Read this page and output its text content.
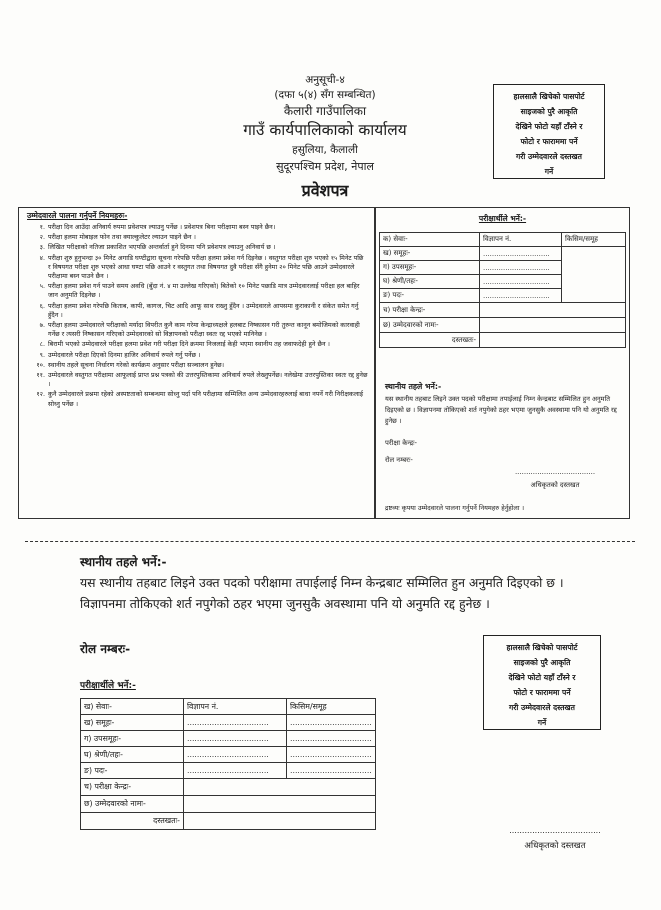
अनुसूची-४
(दफा ५(४) सँग सम्बन्धित)
कैलारी गाउँपालिका
गाउँ कार्यपालिकाको कार्यालय
हसुलिया, कैलाली
सुदूरपश्चिम प्रदेश, नेपाल
प्रवेशपत्र
हालसालै खिचेको पासपोर्ट
साइजको पुरै आकृति
देखिने फोटो यहाँ टाँस्ने र
फोटो र फाराममा पर्ने
गरी उम्मेदवारले दस्तखत
गर्ने
उम्मेदवारले पालना गर्नुपर्ने नियमहरुः-
१. परीक्षा दिन आउँदा अनिवार्य रुपमा प्रवेशपत्र ल्याउनु पर्नेछ । प्रवेशपत्र बिना परीक्षामा बस्न पाइने छैन।
२. परीक्षा हलमा मोबाइल फोन तथा क्याल्कुलेटर ल्याउन पाइने छैन ।
३. लिखित परीक्षाको नतिजा प्रकाशित भएपछि अन्तर्वार्ता हुने दिनमा पनि प्रवेशपत्र ल्याउनु अनिवार्य छ ।
४. परीक्षा शुरु हुनुभन्दा ३० मिनेट अगाडि घण्टीद्वारा सूचना गरेपछि परीक्षा हलमा प्रवेश गर्न दिइनेछ । वस्तुगत परीक्षा शुरु भएको १५ मिनेट पछि र विषयगत परीक्षा शुरु भएको आधा घण्टा पछि आउने र वस्तुगत तथा विषयगत दुवै परीक्षा सँगै हुनेमा २० मिनेट पछि आउने उम्मेदवारले परीक्षामा बस्न पाउने छैन ।
५. परीक्षा हलमा प्रवेश गर्न पाउने समय अवधि (बुँदा नं. ४ मा उल्लेख गरिएको) बितेको १० मिनेट पछाडि मात्र उम्मेदवारलाई परीक्षा हल बाहिर जान अनुमति दिइनेछ ।
६. परीक्षा हलमा प्रवेश गरेपछि किताब, कापी, कागज, चिट आदि आफू साथ राख्नु हुँदैन । उम्मेदवारले आपसमा कुराकानी र संकेत समेत गर्नु हुँदैन ।
७. परीक्षा हलमा उम्मेदवारले परीक्षाको मर्यादा विपरीत कुनै काम गरेमा केन्द्राध्यक्षले हलबाट निष्कासन गरी तुरुन्त कानून बमोजिमको कारवाही गर्नेछ र त्यसरी निष्कासन गरिएको उम्मेदवारको सो विज्ञापनको परीक्षा स्वतः रद्द भएको मानिनेछ ।
८. बिरामी भएको उम्मेदवारले परीक्षा हलमा प्रवेश गरी परीक्षा दिने क्रममा निजलाई केही भएमा स्थानीय तह जवाफदेही हुने छैन ।
९. उम्मेदवारले परीक्षा दिएको दिनमा हाजिर अनिवार्य रुपले गर्नु पर्नेछ ।
१०. स्थानीय तहले सूचना निर्धारण गरेको कार्यक्रम अनुसार परीक्षा सञ्चालन हुनेछ।
११. उम्मेदवारले वस्तुगत परीक्षामा आफूलाई प्राप्त प्रश्न पत्रको की उत्तरपुस्तिकामा अनिवार्य रुपले लेख्नुपर्नेछ। नलेखेमा उत्तरपुस्तिका स्वतः रद्द हुनेछ ।
१२. कुनै उम्मेदवारले प्रश्नमा रहेको अस्पष्टताको सम्बन्धमा सोध्नु पर्दा पनि परीक्षामा सम्मिलित अन्य उम्मेदवारहरुलाई बाधा नपर्ने गरी निरीक्षकलाई सोध्नु पर्नेछ ।
परीक्षार्थीले भर्ने:-
क) सेवाः-	विज्ञापन नं.	किसिम/समूह
ख) समूहः-	..............................	
ग) उपसमूहः-	..............................	
घ) श्रेणी/तहः-	..............................	
ङ) पदः-	..............................	
च) परीक्षा केन्द्रः-		
छ) उम्मेदवारको नामः-		
दस्तखतः-		
स्थानीय तहले भर्ने:-
यस स्थानीय तहबाट लिइने उक्त पदको परीक्षामा तपाईलाई निम्न केन्द्रबाट सम्मिलित हुन अनुमति दिइएको छ । विज्ञापनमा तोकिएको शर्त नपुगेको ठहर भएमा जुनसुकै अवस्थामा पनि यो अनुमति रद्द हुनेछ ।
परीक्षा केन्द्रः-
रोल नम्बरः-
....................................
अधिकृतको दस्तखत
द्रष्टव्यः कृपया उम्मेदवारले पालना गर्नुपर्ने नियमहरु हेर्नुहोला ।
स्थानीय तहले भर्ने:-
यस स्थानीय तहबाट लिइने उक्त पदको परीक्षामा तपाईलाई निम्न केन्द्रबाट सम्मिलित हुन अनुमति दिइएको छ । विज्ञापनमा तोकिएको शर्त नपुगेको ठहर भएमा जुनसुकै अवस्थामा पनि यो अनुमति रद्द हुनेछ ।
रोल नम्बरः-	हालसालै खिचेको पासपोर्ट
साइजको पुरै आकृति
देखिने फोटो यहाँ टाँस्ने र
फोटो र फाराममा पर्ने
गरी उम्मेदवारले दस्तखत
गर्ने
परीक्षार्थीले भर्ने:-
ख) सेवाः-	विज्ञापन नं.	किसिम/समूह
ख) समूहः-	.................................	.................................
ग) उपसमूहः-	.................................	.................................
घ) श्रेणी/तहः-	.................................	.................................
ङ) पदः-	.................................	.................................
च) परीक्षा केन्द्रः-		
छ) उम्मेदवारको नामः-		
दस्तखतः-		
....................................
अधिकृतको दस्तखत
